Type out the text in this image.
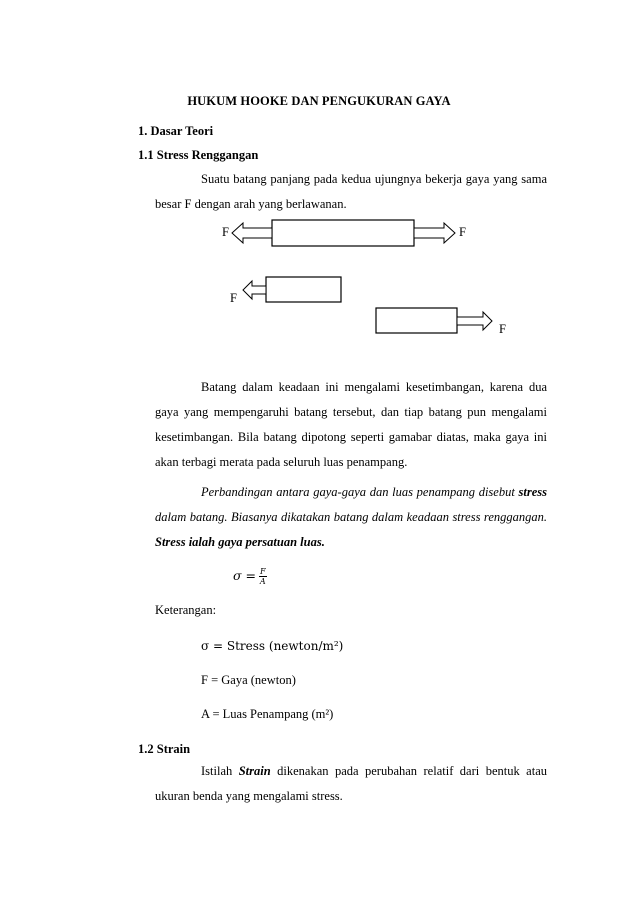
HUKUM HOOKE DAN PENGUKURAN GAYA
1. Dasar Teori
1.1 Stress Renggangan
Suatu batang panjang pada kedua ujungnya bekerja gaya yang sama besar F dengan arah yang berlawanan.
F	F
F
F
Batang dalam keadaan ini mengalami kesetimbangan, karena dua gaya yang mempengaruhi batang tersebut, dan tiap batang pun mengalami kesetimbangan. Bila batang dipotong seperti gamabar diatas, maka gaya ini akan terbagi merata pada seluruh luas penampang.
Perbandingan antara gaya-gaya dan luas penampang disebut stress dalam batang. Biasanya dikatakan batang dalam keadaan stress renggangan. Stress ialah gaya persatuan luas.
$\sigma = \frac{F}{A}$
Keterangan:
σ = Stress (newton/m²)
F = Gaya (newton)
A = Luas Penampang (m²)
1.2 Strain
Istilah Strain dikenakan pada perubahan relatif dari bentuk atau ukuran benda yang mengalami stress.
